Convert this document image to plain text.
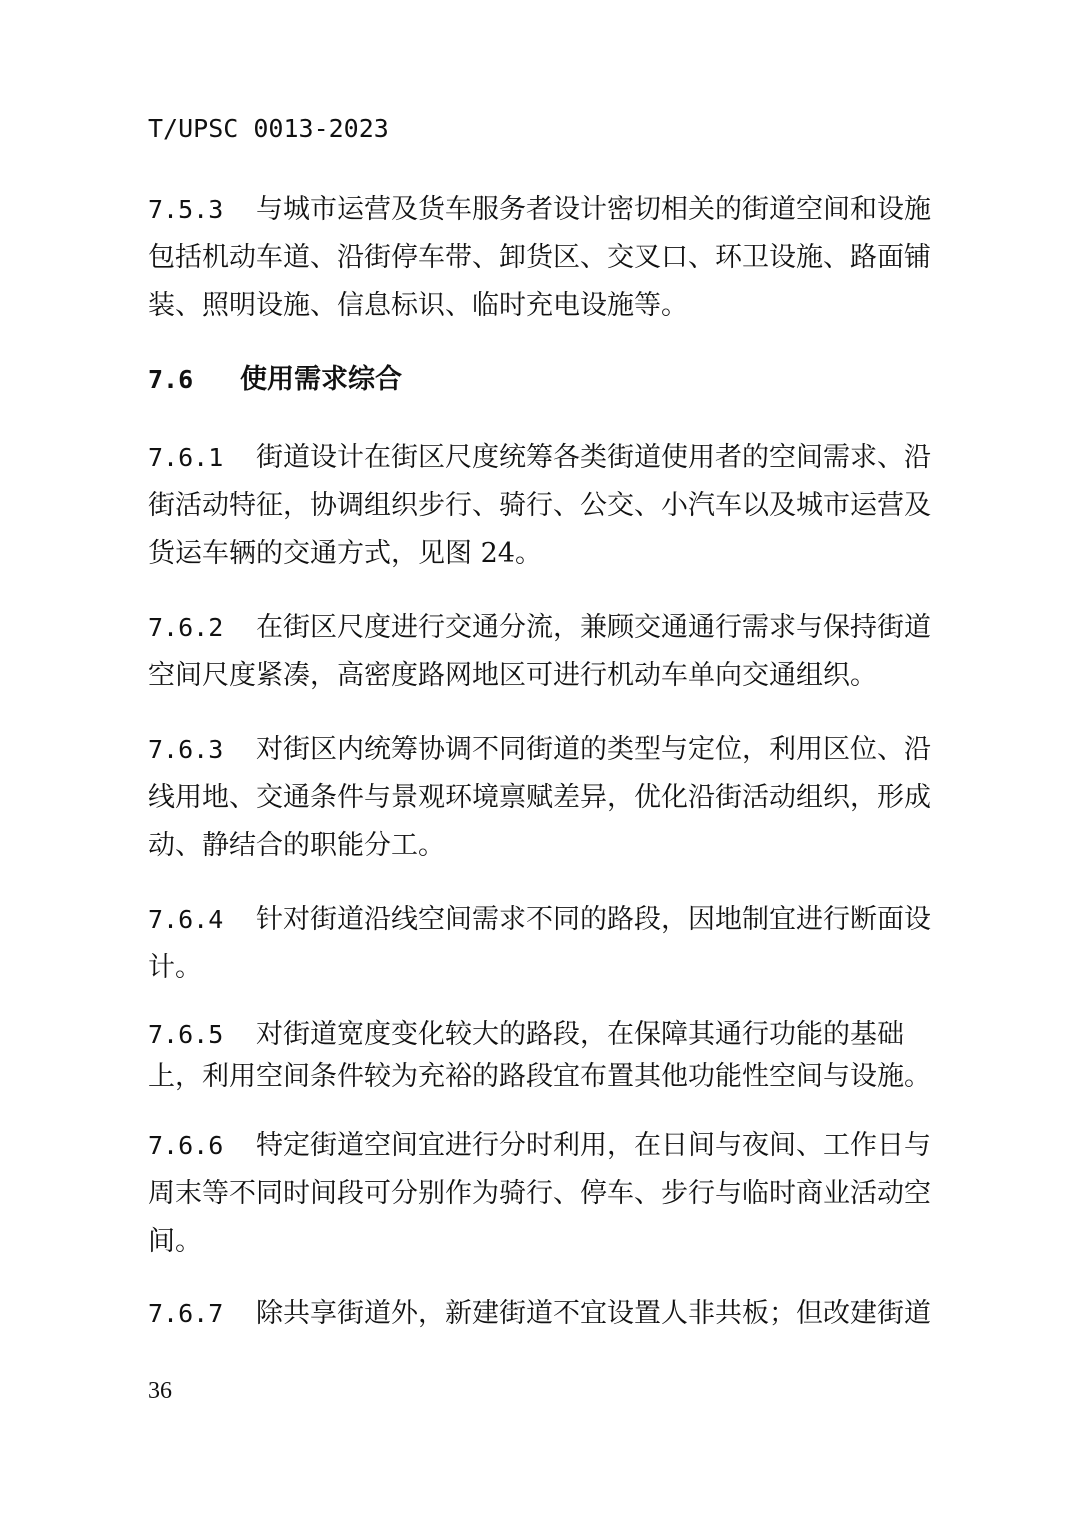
T/UPSC 0013-2023

7.5.3 与城市运营及货车服务者设计密切相关的街道空间和设施包括机动车道、沿街停车带、卸货区、交叉口、环卫设施、路面铺装、照明设施、信息标识、临时充电设施等。

7.6 使用需求综合

7.6.1 街道设计在街区尺度统筹各类街道使用者的空间需求、沿街活动特征，协调组织步行、骑行、公交、小汽车以及城市运营及货运车辆的交通方式，见图 24。

7.6.2 在街区尺度进行交通分流，兼顾交通通行需求与保持街道空间尺度紧凑，高密度路网地区可进行机动车单向交通组织。

7.6.3 对街区内统筹协调不同街道的类型与定位，利用区位、沿线用地、交通条件与景观环境禀赋差异，优化沿街活动组织，形成动、静结合的职能分工。

7.6.4 针对街道沿线空间需求不同的路段，因地制宜进行断面设计。

7.6.5 对街道宽度变化较大的路段，在保障其通行功能的基础上，利用空间条件较为充裕的路段宜布置其他功能性空间与设施。

7.6.6 特定街道空间宜进行分时利用，在日间与夜间、工作日与周末等不同时间段可分别作为骑行、停车、步行与临时商业活动空间。

7.6.7 除共享街道外，新建街道不宜设置人非共板；但改建街道

36
